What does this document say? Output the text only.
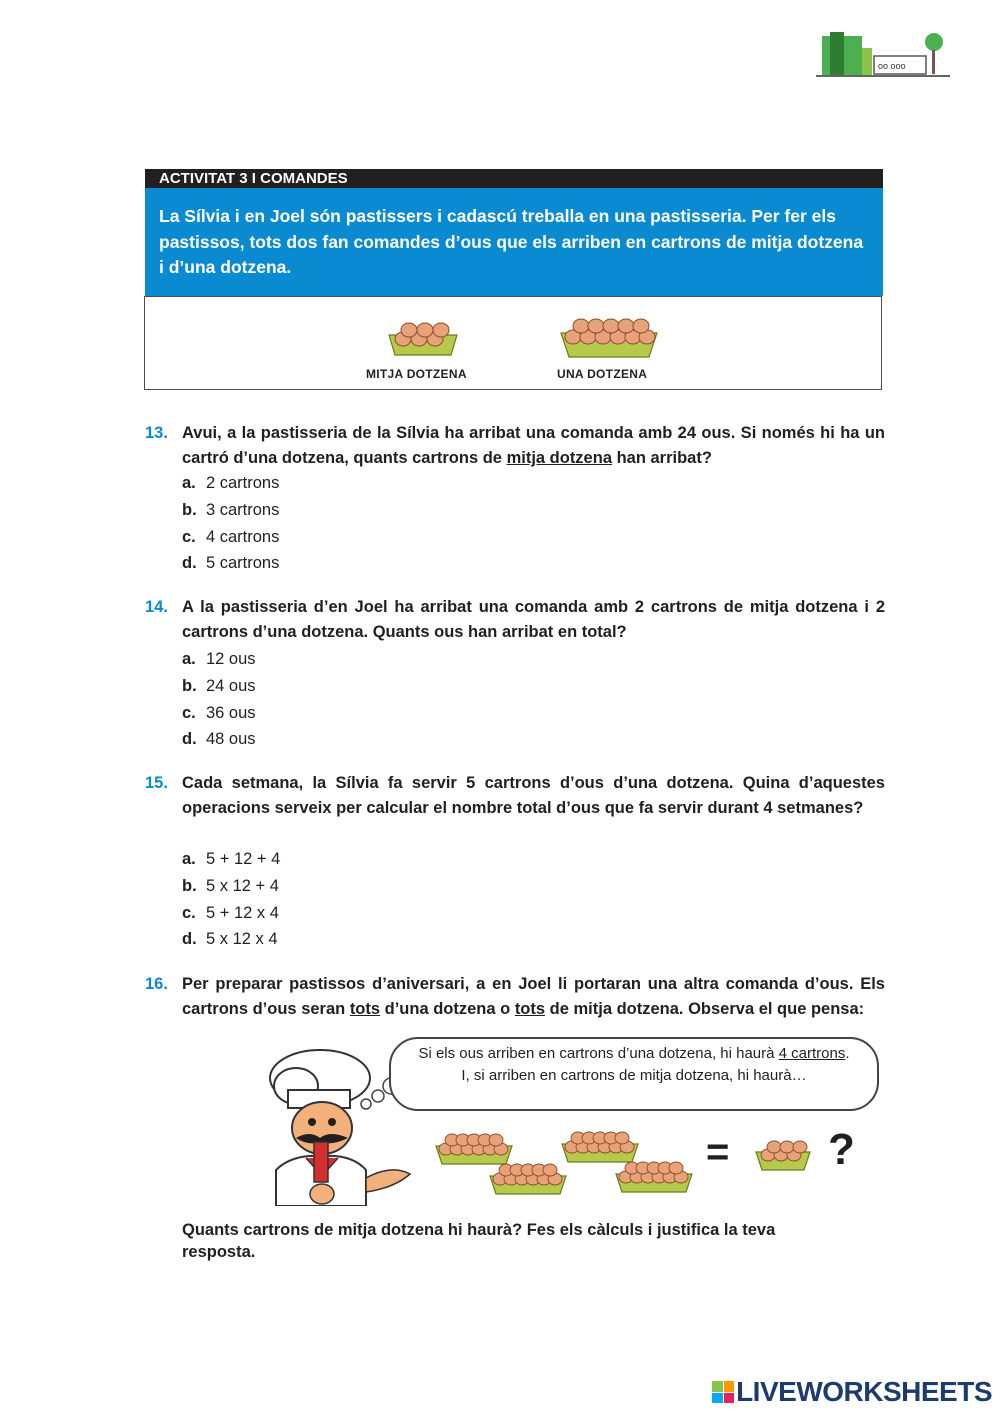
oo ooo
ACTIVITAT 3 I COMANDES

La Sílvia i en Joel són pastissers i cadascú treballa en una pastisseria. Per fer els pastissos, tots dos fan comandes d’ous que els arriben en cartrons de mitja dotzena i d’una dotzena.

MITJA DOTZENA	UNA DOTZENA
13. Avui, a la pastisseria de la Sílvia ha arribat una comanda amb 24 ous. Si només hi ha un cartró d’una dotzena, quants cartrons de mitja dotzena han arribat?
a. 2 cartrons
b. 3 cartrons
c. 4 cartrons
d. 5 cartrons
14. A la pastisseria d’en Joel ha arribat una comanda amb 2 cartrons de mitja dotzena i 2 cartrons d’una dotzena. Quants ous han arribat en total?
a. 12 ous
b. 24 ous
c. 36 ous
d. 48 ous
15. Cada setmana, la Sílvia fa servir 5 cartrons d’ous d’una dotzena. Quina d’aquestes operacions serveix per calcular el nombre total d’ous que fa servir durant 4 setmanes?
a. 5 + 12 + 4
b. 5 x 12 + 4
c. 5 + 12 x 4
d. 5 x 12 x 4
16. Per preparar pastissos d’aniversari, a en Joel li portaran una altra comanda d’ous. Els cartrons d’ous seran tots d’una dotzena o tots de mitja dotzena. Observa el que pensa:
Si els ous arriben en cartrons d’una dotzena, hi haurà 4 cartrons.
I, si arriben en cartrons de mitja dotzena, hi haurà…
= ?
Quants cartrons de mitja dotzena hi haurà? Fes els càlculs i justifica la teva resposta.
LIVEWORKSHEETS
